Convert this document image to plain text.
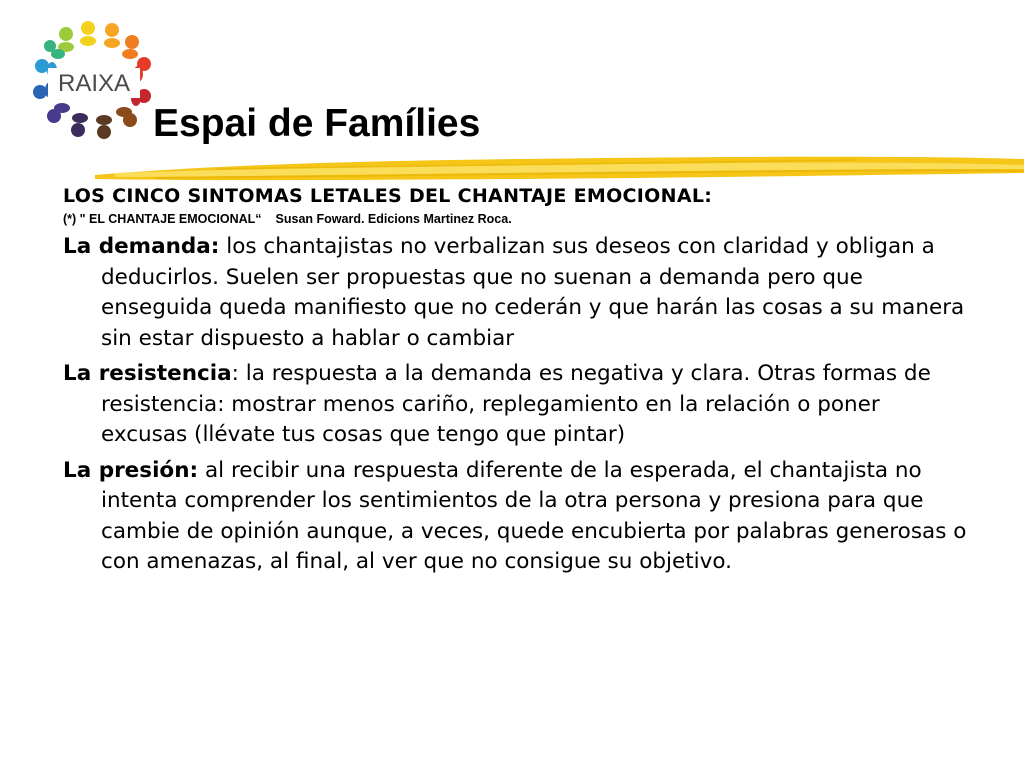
RAIXA
Espai de Famílies
LOS CINCO SINTOMAS LETALES DEL CHANTAJE EMOCIONAL:
(*) " EL CHANTAJE EMOCIONAL“ Susan Foward. Edicions Martinez Roca.
La demanda: los chantajistas no verbalizan sus deseos con claridad y obligan a deducirlos. Suelen ser propuestas que no suenan a demanda pero que enseguida queda manifiesto que no cederán y que harán las cosas a su manera sin estar dispuesto a hablar o cambiar
La resistencia: la respuesta a la demanda es negativa y clara. Otras formas de resistencia: mostrar menos cariño, replegamiento en la relación o poner excusas (llévate tus cosas que tengo que pintar)
La presión: al recibir una respuesta diferente de la esperada, el chantajista no intenta comprender los sentimientos de la otra persona y presiona para que cambie de opinión aunque, a veces, quede encubierta por palabras generosas o con amenazas, al final, al ver que no consigue su objetivo.
